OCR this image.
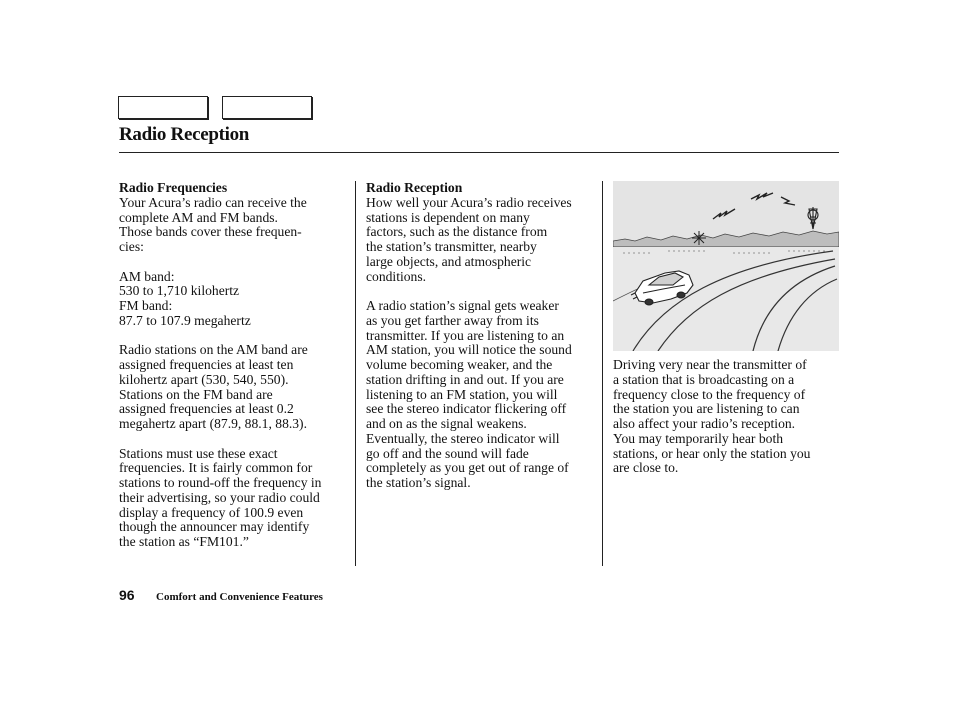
Radio Reception
Radio Frequencies

Your Acura’s radio can receive the
complete AM and FM bands.
Those bands cover these frequen-
cies:

AM band:
530 to 1,710 kilohertz
FM band:
87.7 to 107.9 megahertz

Radio stations on the AM band are
assigned frequencies at least ten
kilohertz apart (530, 540, 550).
Stations on the FM band are
assigned frequencies at least 0.2
megahertz apart (87.9, 88.1, 88.3).

Stations must use these exact
frequencies. It is fairly common for
stations to round-off the frequency in
their advertising, so your radio could
display a frequency of 100.9 even
though the announcer may identify
the station as “FM101.”

Radio Reception

How well your Acura’s radio receives
stations is dependent on many
factors, such as the distance from
the station’s transmitter, nearby
large objects, and atmospheric
conditions.

A radio station’s signal gets weaker
as you get farther away from its
transmitter. If you are listening to an
AM station, you will notice the sound
volume becoming weaker, and the
station drifting in and out. If you are
listening to an FM station, you will
see the stereo indicator flickering off
and on as the signal weakens.
Eventually, the stereo indicator will
go off and the sound will fade
completely as you get out of range of
the station’s signal.

Driving very near the transmitter of
a station that is broadcasting on a
frequency close to the frequency of
the station you are listening to can
also affect your radio’s reception.
You may temporarily hear both
stations, or hear only the station you
are close to.

96 Comfort and Convenience Features
